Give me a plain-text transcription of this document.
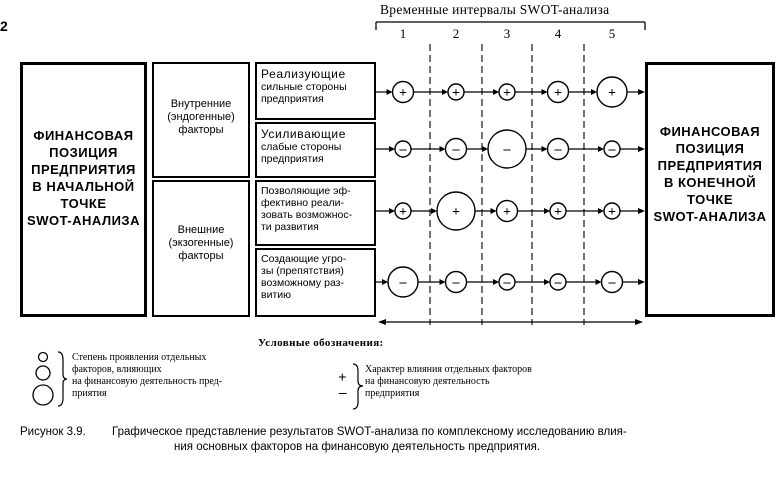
2
Временные интервалы SWOT-анализа
ФИНАНСОВАЯ
ПОЗИЦИЯ
ПРЕДПРИЯТИЯ
В НАЧАЛЬНОЙ
ТОЧКЕ
SWOT-АНАЛИЗА
Внутренние
(эндогенные)
факторы
Внешние
(экзогенные)
факторы
Реализующие
сильные стороны
предприятия
Усиливающие
слабые стороны
предприятия
Позволяющие эф-
фективно реали-
зовать возможнос-
ти развития
Создающие угро-
зы (препятствия)
возможному раз-
витию
ФИНАНСОВАЯ
ПОЗИЦИЯ
ПРЕДПРИЯТИЯ
В КОНЕЧНОЙ
ТОЧКЕ
SWOT-АНАЛИЗА
1	2	3	4	5
+	+	+	+	+
–	–	–	–	–
+	+	+	+	+
–	–	–	–	–
Условные обозначения:
Степень проявления отдельных
факторов, влияющих
на финансовую деятельность пред-
приятия
+
–
Характер влияния отдельных факторов
на финансовую деятельность
предприятия
Рисунок 3.9. Графическое представление результатов SWOT-анализа по комплексному исследованию влия-
ния основных факторов на финансовую деятельность предприятия.
